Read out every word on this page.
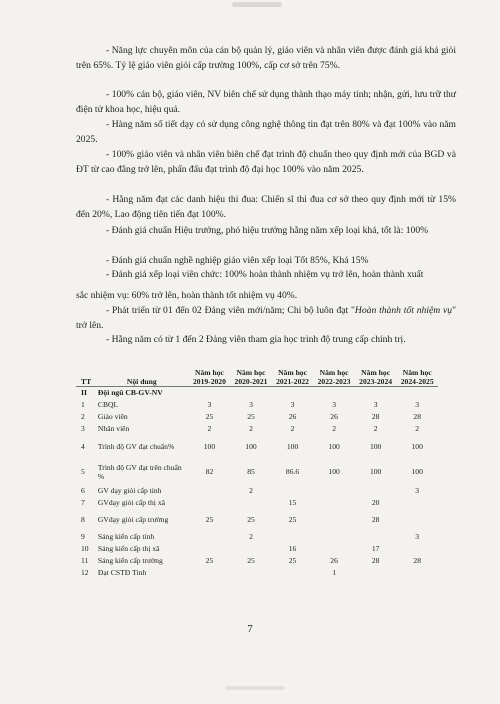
- Năng lực chuyên môn của cán bộ quản lý, giáo viên và nhân viên được đánh giá khá giỏi trên 65%. Tỷ lệ giáo viên giỏi cấp trường 100%, cấp cơ sở trên 75%.
- 100% cán bộ, giáo viên, NV biên chế sử dụng thành thạo máy tính; nhận, gửi, lưu trữ thư điện tử khoa học, hiệu quả.
- Hàng năm số tiết dạy có sử dụng công nghệ thông tin đạt trên 80% và đạt 100% vào năm 2025.
- 100% giáo viên và nhân viên biên chế đạt trình độ chuẩn theo quy định mới của BGD và ĐT từ cao đẳng trở lên, phấn đấu đạt trình độ đại học 100% vào năm 2025.
- Hằng năm đạt các danh hiệu thi đua: Chiến sĩ thi đua cơ sở theo quy định mới từ 15% đến 20%, Lao động tiên tiến đạt 100%.
- Đánh giá chuẩn Hiệu trưởng, phó hiệu trưởng hằng năm xếp loại khá, tốt là: 100%
- Đánh giá chuẩn nghề nghiệp giáo viên xếp loại Tốt 85%, Khá 15%
- Đánh giá xếp loại viên chức: 100% hoàn thành nhiệm vụ trở lên, hoàn thành xuất
sắc nhiệm vụ: 60% trở lên, hoàn thành tốt nhiệm vụ 40%.
- Phát triển từ 01 đến 02 Đảng viên mới/năm; Chi bộ luôn đạt "Hoàn thành tốt nhiệm vụ" trở lên.
- Hằng năm có từ 1 đến 2 Đảng viên tham gia học trình độ trung cấp chính trị.
TT	Nội dung	Năm học 2019-2020	Năm học 2020-2021	Năm học 2021-2022	Năm học 2022-2023	Năm học 2023-2024	Năm học 2024-2025
II	Đội ngũ CB-GV-NV						
1	CBQL	3	3	3	3	3	3
2	Giáo viên	25	25	26	26	28	28
3	Nhân viên	2	2	2	2	2	2
4	Trình độ GV đạt chuẩn%	100	100	100	100	100	100
5	Trình độ GV đạt trên chuẩn %	82	85	86.6	100	100	100
6	GV dạy giỏi cấp tỉnh		2				3
7	GVdạy giỏi cấp thị xã			15		20	
8	GVdạy giỏi cấp trường	25	25	25		28	
9	Sáng kiến cấp tỉnh		2				3
10	Sáng kiến cấp thị xã			16		17	
11	Sáng kiến cấp trường	25	25	25	26	28	28
12	Đạt CSTĐ Tỉnh				1		
7
